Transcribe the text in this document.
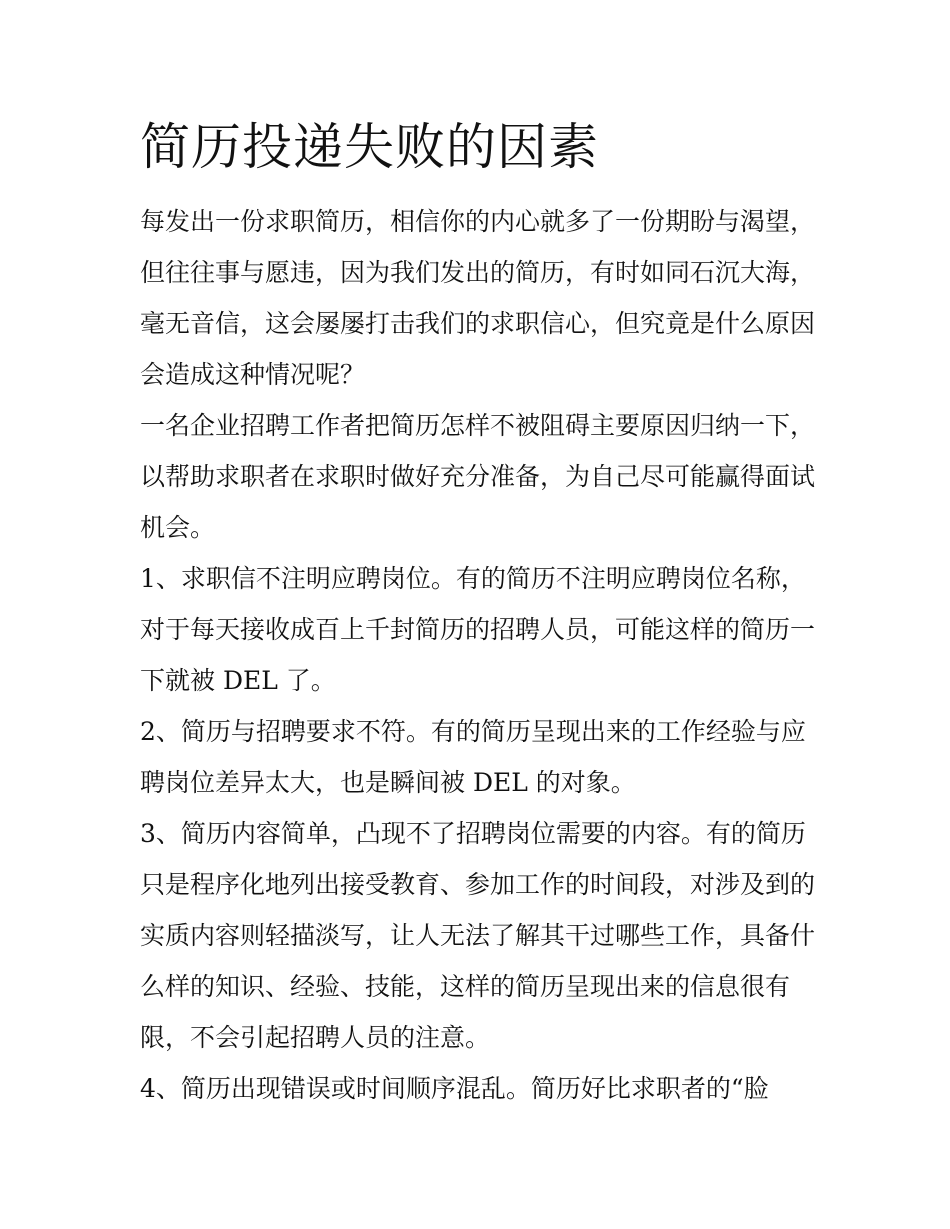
简历投递失败的因素
每发出一份求职简历，相信你的内心就多了一份期盼与渴望，
但往往事与愿违，因为我们发出的简历，有时如同石沉大海，
毫无音信，这会屡屡打击我们的求职信心，但究竟是什么原因
会造成这种情况呢？
一名企业招聘工作者把简历怎样不被阻碍主要原因归纳一下，
以帮助求职者在求职时做好充分准备，为自己尽可能赢得面试
机会。
1、求职信不注明应聘岗位。有的简历不注明应聘岗位名称，
对于每天接收成百上千封简历的招聘人员，可能这样的简历一
下就被 DEL 了。
2、简历与招聘要求不符。有的简历呈现出来的工作经验与应
聘岗位差异太大，也是瞬间被 DEL 的对象。
3、简历内容简单，凸现不了招聘岗位需要的内容。有的简历
只是程序化地列出接受教育、参加工作的时间段，对涉及到的
实质内容则轻描淡写，让人无法了解其干过哪些工作，具备什
么样的知识、经验、技能，这样的简历呈现出来的信息很有
限，不会引起招聘人员的注意。
4、简历出现错误或时间顺序混乱。简历好比求职者的“脸
